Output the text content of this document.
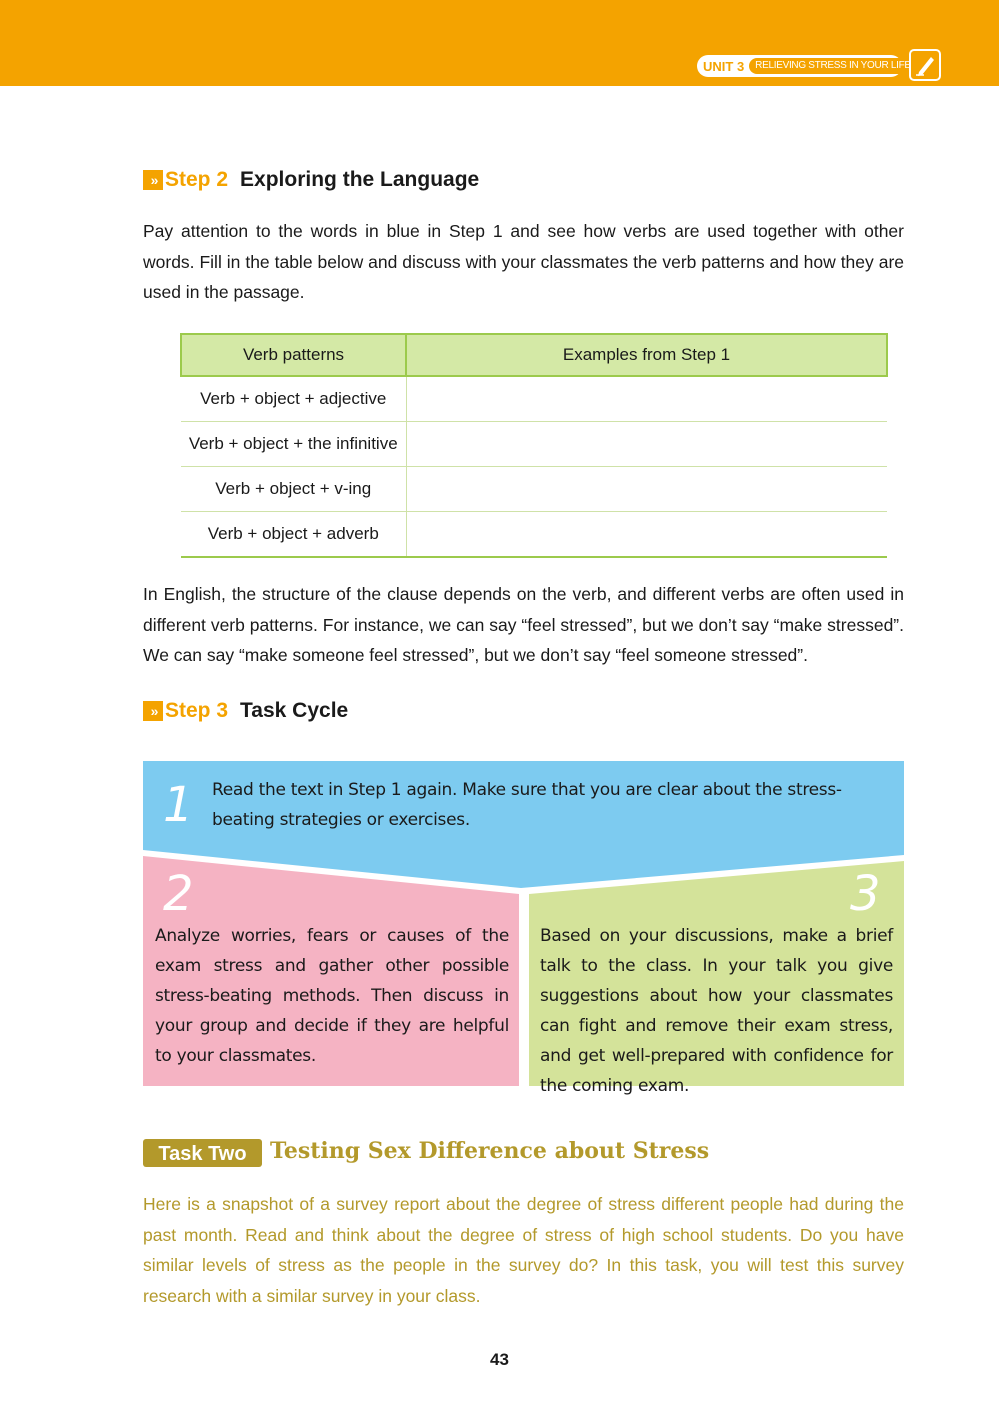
UNIT 3	RELIEVING STRESS IN YOUR LIFE
» Step 2 Exploring the Language

Pay attention to the words in blue in Step 1 and see how verbs are used together with other words. Fill in the table below and discuss with your classmates the verb patterns and how they are used in the passage.

Verb patterns	Examples from Step 1
Verb + object + adjective	
Verb + object + the infinitive	
Verb + object + v-ing	
Verb + object + adverb	

In English, the structure of the clause depends on the verb, and different verbs are often used in different verb patterns. For instance, we can say “feel stressed”, but we don’t say “make stressed”. We can say “make someone feel stressed”, but we don’t say “feel someone stressed”.

» Step 3 Task Cycle
1 Read the text in Step 1 again. Make sure that you are clear about the stress-beating strategies or exercises.

2

Analyze worries, fears or causes of the exam stress and gather other possible stress-beating methods. Then discuss in your group and decide if they are helpful to your classmates.

3

Based on your discussions, make a brief talk to the class. In your talk you give suggestions about how your classmates can fight and remove their exam stress, and get well-prepared with confidence for the coming exam.

Task Two	Testing Sex Difference about Stress

Here is a snapshot of a survey report about the degree of stress different people had during the past month. Read and think about the degree of stress of high school students. Do you have similar levels of stress as the people in the survey do? In this task, you will test this survey research with a similar survey in your class.

43
